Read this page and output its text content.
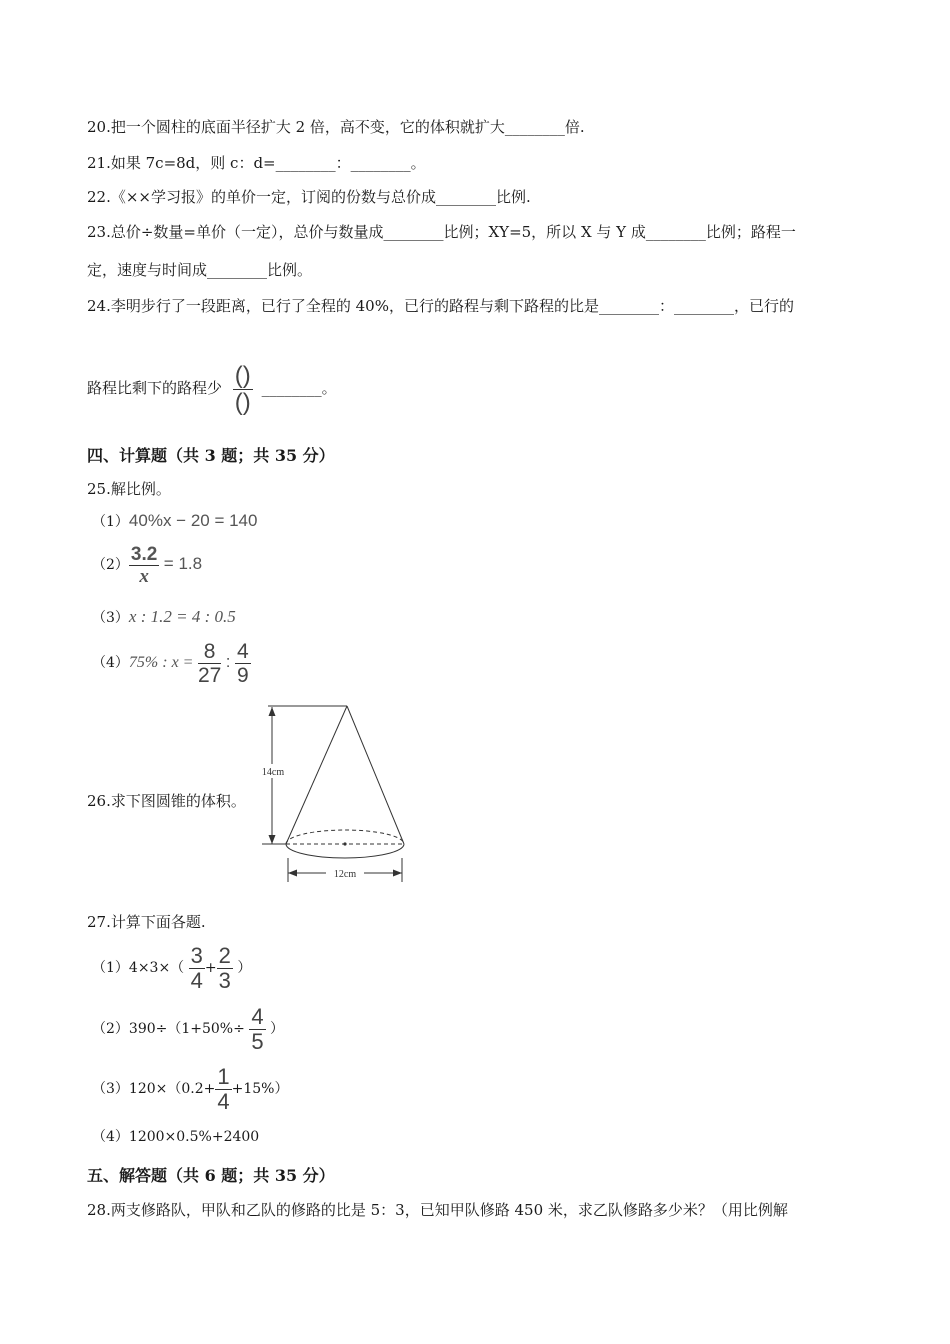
20.把一个圆柱的底面半径扩大 2 倍，高不变，它的体积就扩大________倍.
21.如果 7c=8d，则 c：d=________：________。
22.《××学习报》的单价一定，订阅的份数与总价成________比例.
23.总价÷数量=单价（一定），总价与数量成________比例；XY=5，所以 X 与 Y 成________比例；路程一
定，速度与时间成________比例。
24.李明步行了一段距离，已行了全程的 40%，已行的路程与剩下路程的比是________：________，已行的
路程比剩下的路程少 $\frac{()}{()}$ ________。
四、计算题（共 3 题；共 35 分）
25.解比例。
（1）40%x − 20 = 140
$(2) \frac{3.2}{x} = 1.8$
（3）x : 1.2 = 4 : 0.5
（4）75% : $x = \frac{8}{27}$ : $\frac{4}{9}$
26.求下图圆锥的体积。
14cm
12cm
27.计算下面各题.
$(1)4\times 3\times( \frac{3}{4} + \frac{2}{3}$ ）
$(2)390\div(1+50\%\div \frac{4}{5}$ ）
$(3)120\times(0.2+ \frac{1}{4} +15\%)$
（4）1200×0.5%+2400
五、解答题（共 6 题；共 35 分）
28.两支修路队，甲队和乙队的修路的比是 5：3，已知甲队修路 450 米，求乙队修路多少米？（用比例解
